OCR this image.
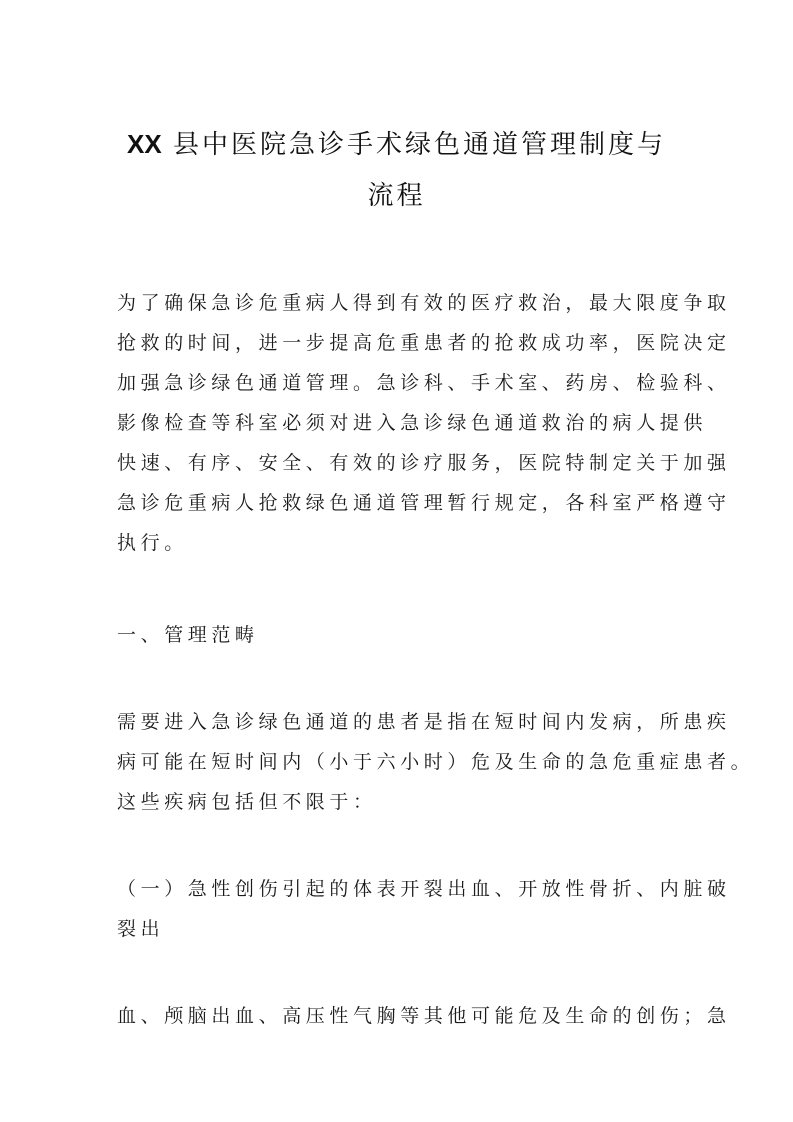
XX 县中医院急诊手术绿色通道管理制度与
流程
为了确保急诊危重病人得到有效的医疗救治，最大限度争取
抢救的时间，进一步提高危重患者的抢救成功率，医院决定
加强急诊绿色通道管理。急诊科、手术室、药房、检验科、
影像检查等科室必须对进入急诊绿色通道救治的病人提供
快速、有序、安全、有效的诊疗服务，医院特制定关于加强
急诊危重病人抢救绿色通道管理暂行规定，各科室严格遵守
执行。
一、管理范畴
需要进入急诊绿色通道的患者是指在短时间内发病，所患疾
病可能在短时间内（小于六小时）危及生命的急危重症患者。
这些疾病包括但不限于：
（一）急性创伤引起的体表开裂出血、开放性骨折、内脏破
裂出
血、颅脑出血、高压性气胸等其他可能危及生命的创伤；急
